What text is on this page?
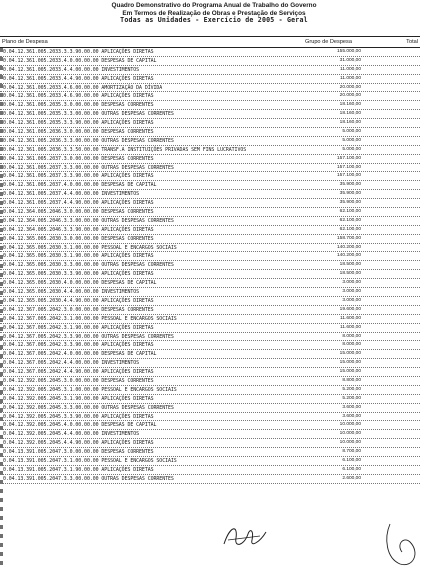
Quadro Demonstrativo do Programa Anual de Trabalho do Governo
Em Termos de Realização de Obras e Prestação de Serviços
Todas as Unidades - Exercício de 2005 - Geral
Plano de Despesa	Grupo de Despesa	Total
0.04.12.361.005.2033.3.3.90.00.00 APLICAÇÕES DIRETAS	155.000,00
0.04.12.361.005.2033.4.0.00.00.00 DESPESAS DE CAPITAL	31.000,00
0.04.12.361.005.2033.4.4.00.00.00 INVESTIMENTOS	11.000,00
0.04.12.361.005.2033.4.4.90.00.00 APLICAÇÕES DIRETAS	11.000,00
0.04.12.361.005.2033.4.6.00.00.00 AMORTIZAÇÃO DA DÍVIDA	20.000,00
0.04.12.361.005.2033.4.6.90.00.00 APLICAÇÕES DIRETAS	20.000,00
0.04.12.361.005.2035.3.0.00.00.00 DESPESAS CORRENTES	18.160,00
0.04.12.361.005.2035.3.3.00.00.00 OUTRAS DESPESAS CORRENTES	18.160,00
0.04.12.361.005.2035.3.3.90.00.00 APLICAÇÕES DIRETAS	18.160,00
0.04.12.361.005.2036.3.0.00.00.00 DESPESAS CORRENTES	5.000,00
0.04.12.361.005.2036.3.3.00.00.00 OUTRAS DESPESAS CORRENTES	5.000,00
0.04.12.361.005.2036.3.3.50.00.00 TRANSF.A INSTITUIÇÕES PRIVADAS SEM FINS LUCRATIVOS	5.000,00
0.04.12.361.005.2037.3.0.00.00.00 DESPESAS CORRENTES	157.100,00
0.04.12.361.005.2037.3.3.00.00.00 OUTRAS DESPESAS CORRENTES	157.100,00
0.04.12.361.005.2037.3.3.90.00.00 APLICAÇÕES DIRETAS	157.100,00
0.04.12.361.005.2037.4.0.00.00.00 DESPESAS DE CAPITAL	35.900,00
0.04.12.361.005.2037.4.4.00.00.00 INVESTIMENTOS	35.900,00
0.04.12.361.005.2037.4.4.90.00.00 APLICAÇÕES DIRETAS	35.900,00
0.04.12.364.005.2046.3.0.00.00.00 DESPESAS CORRENTES	62.100,00
0.04.12.364.005.2046.3.3.00.00.00 OUTRAS DESPESAS CORRENTES	62.100,00
0.04.12.364.005.2046.3.3.90.00.00 APLICAÇÕES DIRETAS	62.100,00
0.04.12.365.005.2030.3.0.00.00.00 DESPESAS CORRENTES	158.700,00
0.04.12.365.005.2030.3.1.00.00.00 PESSOAL E ENCARGOS SOCIAIS	140.200,00
0.04.12.365.005.2030.3.1.90.00.00 APLICAÇÕES DIRETAS	140.200,00
0.04.12.365.005.2030.3.3.00.00.00 OUTRAS DESPESAS CORRENTES	18.500,00
0.04.12.365.005.2030.3.3.90.00.00 APLICAÇÕES DIRETAS	18.500,00
0.04.12.365.005.2030.4.0.00.00.00 DESPESAS DE CAPITAL	3.000,00
0.04.12.365.005.2030.4.4.00.00.00 INVESTIMENTOS	3.000,00
0.04.12.365.005.2030.4.4.90.00.00 APLICAÇÕES DIRETAS	3.000,00
0.04.12.367.005.2042.3.0.00.00.00 DESPESAS CORRENTES	19.600,00
0.04.12.367.005.2042.3.1.00.00.00 PESSOAL E ENCARGOS SOCIAIS	11.600,00
0.04.12.367.005.2042.3.1.90.00.00 APLICAÇÕES DIRETAS	11.600,00
0.04.12.367.005.2042.3.3.90.00.00 OUTRAS DESPESAS CORRENTES	8.000,00
0.04.12.367.005.2042.3.3.90.00.00 APLICAÇÕES DIRETAS	8.000,00
0.04.12.367.005.2042.4.0.00.00.00 DESPESAS DE CAPITAL	15.000,00
0.04.12.367.005.2042.4.4.00.00.00 INVESTIMENTOS	15.000,00
0.04.12.367.005.2042.4.4.90.00.00 APLICAÇÕES DIRETAS	15.000,00
0.04.12.392.005.2045.3.0.00.00.00 DESPESAS CORRENTES	8.800,00
0.04.12.392.005.2045.3.1.00.00.00 PESSOAL E ENCARGOS SOCIAIS	5.200,00
0.04.12.392.005.2045.3.1.90.00.00 APLICAÇÕES DIRETAS	5.200,00
0.04.12.392.005.2045.3.3.00.00.00 OUTRAS DESPESAS CORRENTES	3.600,00
0.04.12.392.005.2045.3.3.90.00.00 APLICAÇÕES DIRETAS	3.600,00
0.04.12.392.005.2045.4.0.00.00.00 DESPESAS DE CAPITAL	10.000,00
0.04.12.392.005.2045.4.4.00.00.00 INVESTIMENTOS	10.000,00
0.04.12.392.005.2045.4.4.90.00.00 APLICAÇÕES DIRETAS	10.000,00
0.04.13.391.005.2047.3.0.00.00.00 DESPESAS CORRENTES	8.700,00
0.04.13.391.005.2047.3.1.00.00.00 PESSOAL E ENCARGOS SOCIAIS	6.100,00
0.04.13.391.005.2047.3.1.90.00.00 APLICAÇÕES DIRETAS	6.100,00
0.04.13.391.005.2047.3.3.00.00.00 OUTRAS DESPESAS CORRENTES	2.600,00
